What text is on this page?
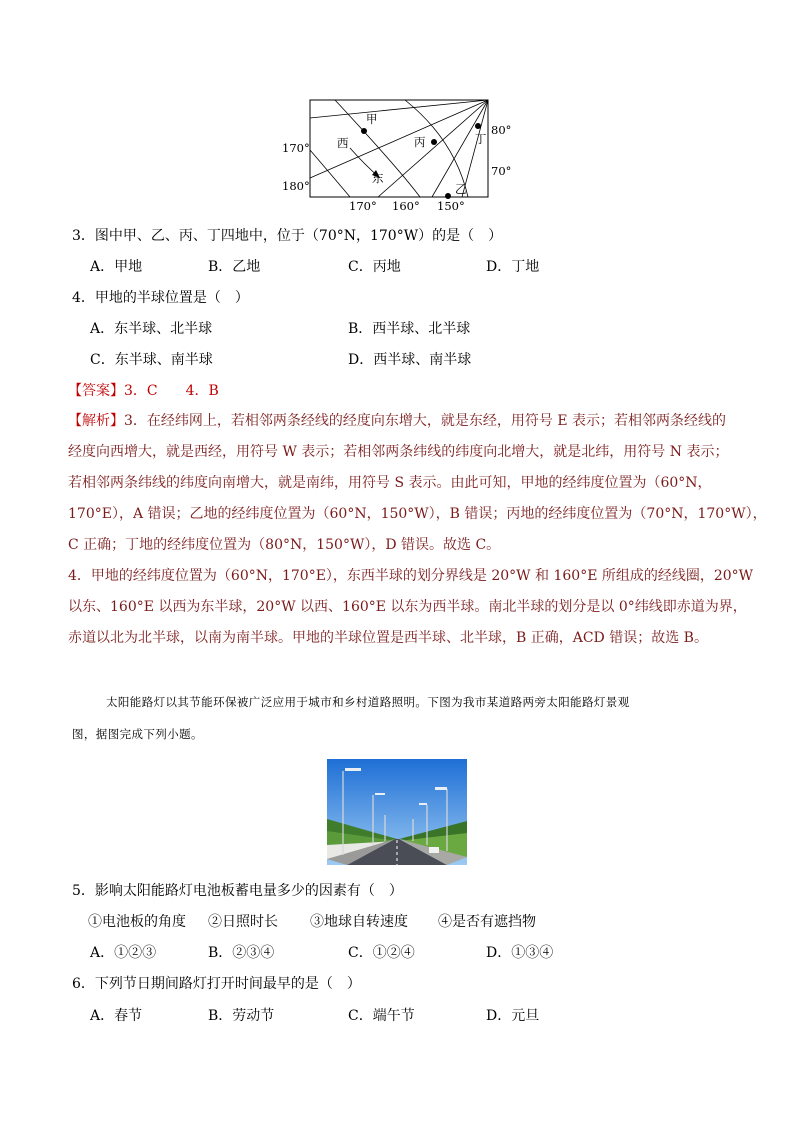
甲
丙	丁
乙
西
东
170°
180°
80°
70°
170° 160° 150°
3．图中甲、乙、丙、丁四地中，位于（70°N，170°W）的是（　）
A．甲地	B．乙地	C．丙地	D．丁地
4．甲地的半球位置是（　）
A．东半球、北半球	B．西半球、北半球
C．东半球、南半球	D．西半球、南半球
【答案】3．C　　4．B
【解析】3．在经纬网上，若相邻两条经线的经度向东增大，就是东经，用符号 E 表示；若相邻两条经线的
经度向西增大，就是西经，用符号 W 表示；若相邻两条纬线的纬度向北增大，就是北纬，用符号 N 表示；
若相邻两条纬线的纬度向南增大，就是南纬，用符号 S 表示。由此可知，甲地的经纬度位置为（60°N，
170°E），A 错误；乙地的经纬度位置为（60°N，150°W），B 错误；丙地的经纬度位置为（70°N，170°W），
C 正确；丁地的经纬度位置为（80°N，150°W），D 错误。故选 C。
4．甲地的经纬度位置为（60°N，170°E），东西半球的划分界线是 20°W 和 160°E 所组成的经线圈，20°W
以东、160°E 以西为东半球，20°W 以西、160°E 以东为西半球。南北半球的划分是以 0°纬线即赤道为界，
赤道以北为北半球，以南为南半球。甲地的半球位置是西半球、北半球，B 正确，ACD 错误；故选 B。
太阳能路灯以其节能环保被广泛应用于城市和乡村道路照明。下图为我市某道路两旁太阳能路灯景观
图，据图完成下列小题。
5．影响太阳能路灯电池板蓄电量多少的因素有（　）
①电池板的角度 ②日照时长 ③地球自转速度 ④是否有遮挡物
A．①②③	B．②③④	C．①②④	D．①③④
6．下列节日期间路灯打开时间最早的是（　）
A．春节	B．劳动节	C．端午节	D．元旦
